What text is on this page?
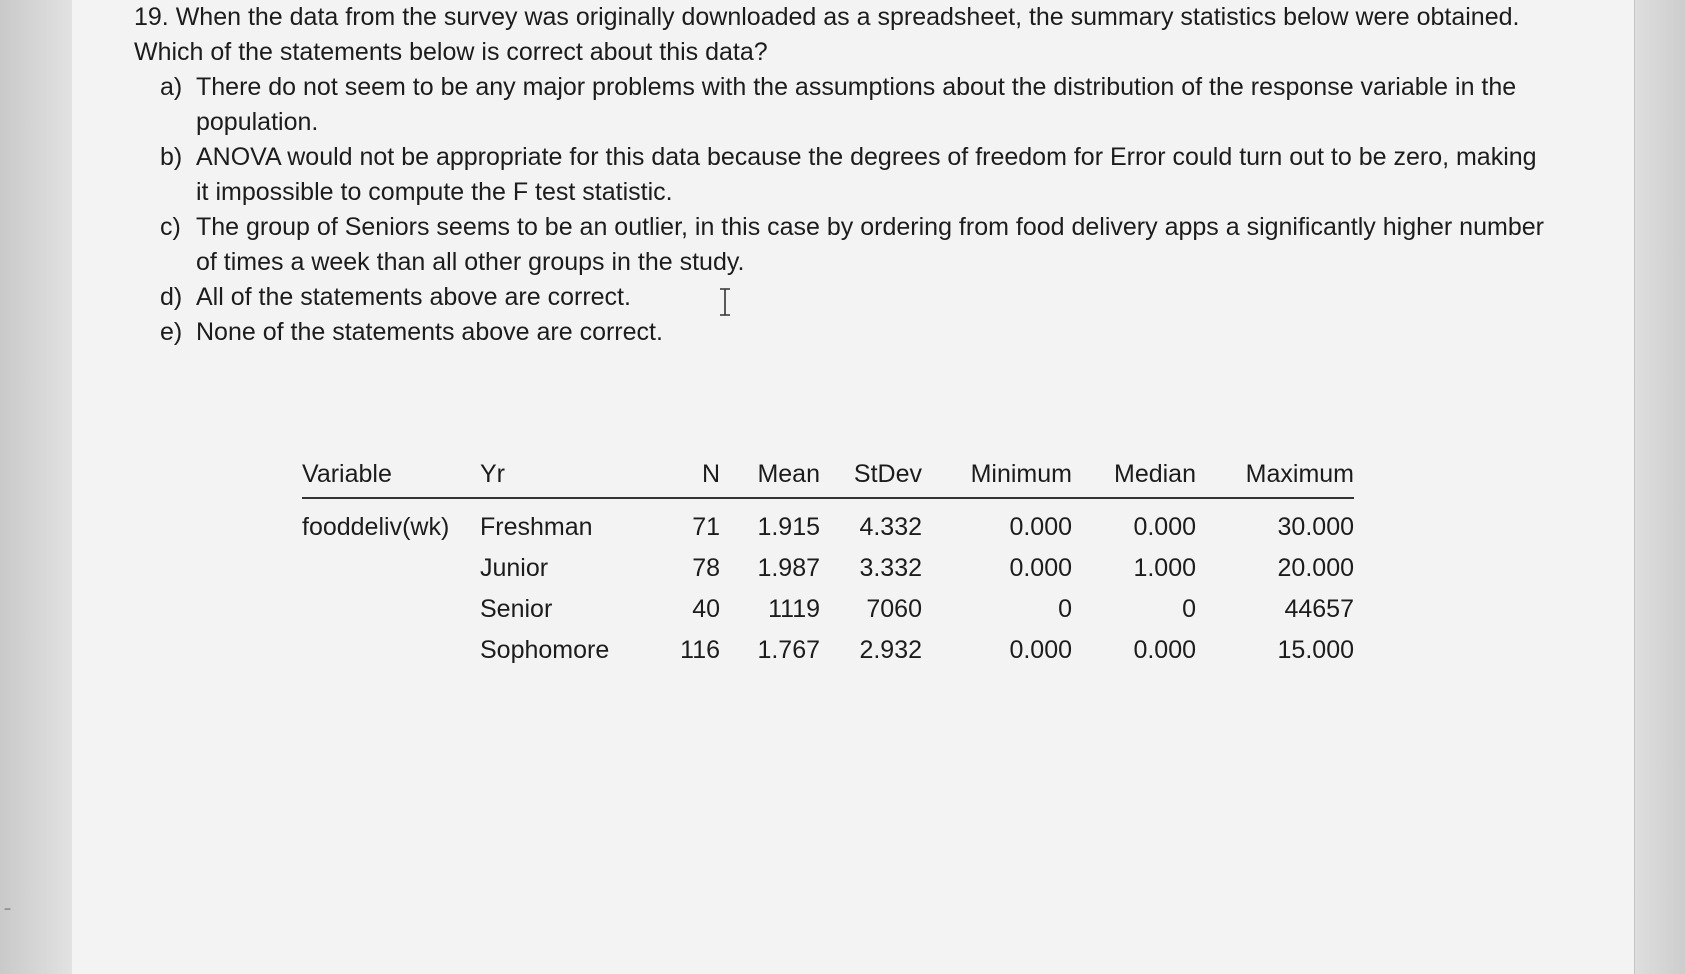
−

19. When the data from the survey was originally downloaded as a spreadsheet, the summary statistics below were obtained. Which of the statements below is correct about this data?

a) There do not seem to be any major problems with the assumptions about the distribution of the response variable in the population.
b) ANOVA would not be appropriate for this data because the degrees of freedom for Error could turn out to be zero, making it impossible to compute the F test statistic.
c) The group of Seniors seems to be an outlier, in this case by ordering from food delivery apps a significantly higher number of times a week than all other groups in the study.
d) All of the statements above are correct.
e) None of the statements above are correct.
Variable	Yr	N	Mean	StDev	Minimum	Median	Maximum
fooddeliv(wk)	Freshman	71	1.915	4.332	0.000	0.000	30.000
	Junior	78	1.987	3.332	0.000	1.000	20.000
	Senior	40	1119	7060	0	0	44657
	Sophomore	116	1.767	2.932	0.000	0.000	15.000
